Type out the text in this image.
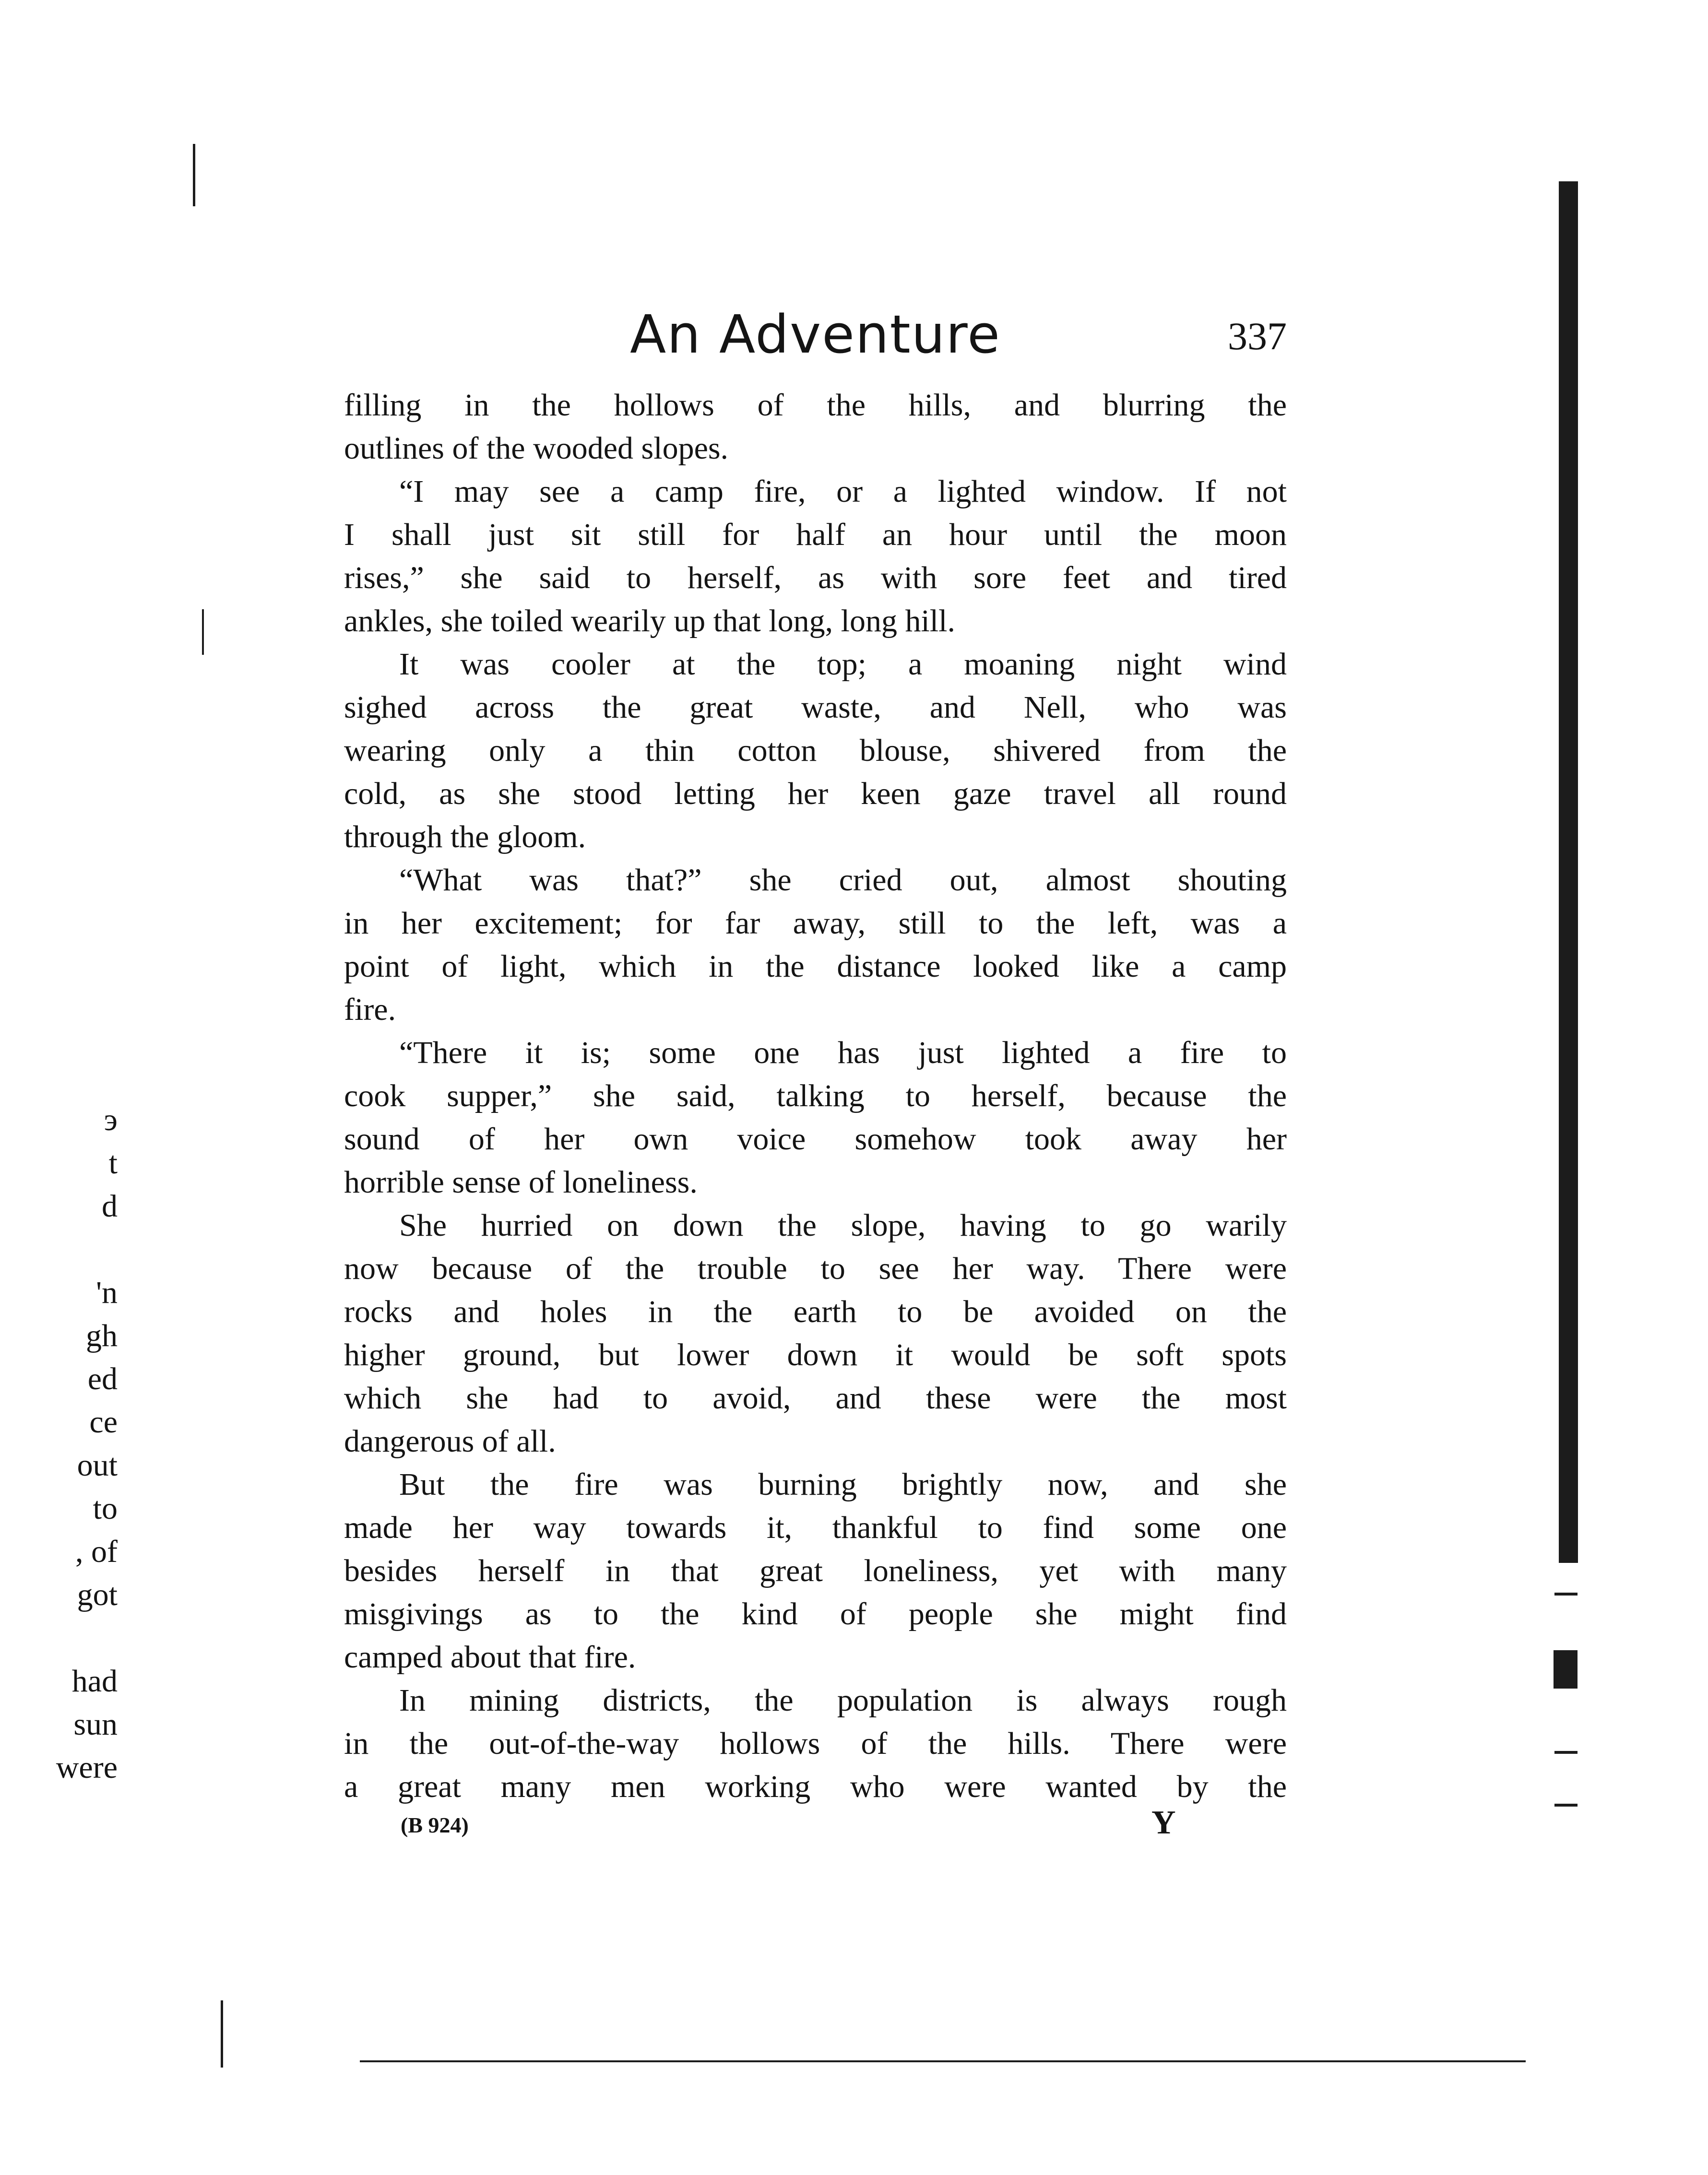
An Adventure	337
filling in the hollows of the hills, and blurring the
outlines of the wooded slopes.
“I may see a camp fire, or a lighted window. If not
I shall just sit still for half an hour until the moon
rises,” she said to herself, as with sore feet and tired
ankles, she toiled wearily up that long, long hill.
It was cooler at the top; a moaning night wind
sighed across the great waste, and Nell, who was
wearing only a thin cotton blouse, shivered from the
cold, as she stood letting her keen gaze travel all round
through the gloom.
“What was that?” she cried out, almost shouting
in her excitement; for far away, still to the left, was a
point of light, which in the distance looked like a camp
fire.
“There it is; some one has just lighted a fire to
cook supper,” she said, talking to herself, because the
sound of her own voice somehow took away her
horrible sense of loneliness.
She hurried on down the slope, having to go warily
now because of the trouble to see her way. There were
rocks and holes in the earth to be avoided on the
higher ground, but lower down it would be soft spots
which she had to avoid, and these were the most
dangerous of all.
But the fire was burning brightly now, and she
made her way towards it, thankful to find some one
besides herself in that great loneliness, yet with many
misgivings as to the kind of people she might find
camped about that fire.
In mining districts, the population is always rough
in the out-of-the-way hollows of the hills. There were
a great many men working who were wanted by the
(B 924)	Y
э
t
d
'n
gh
ed
ce
out
to
, of
got
had
sun
were
